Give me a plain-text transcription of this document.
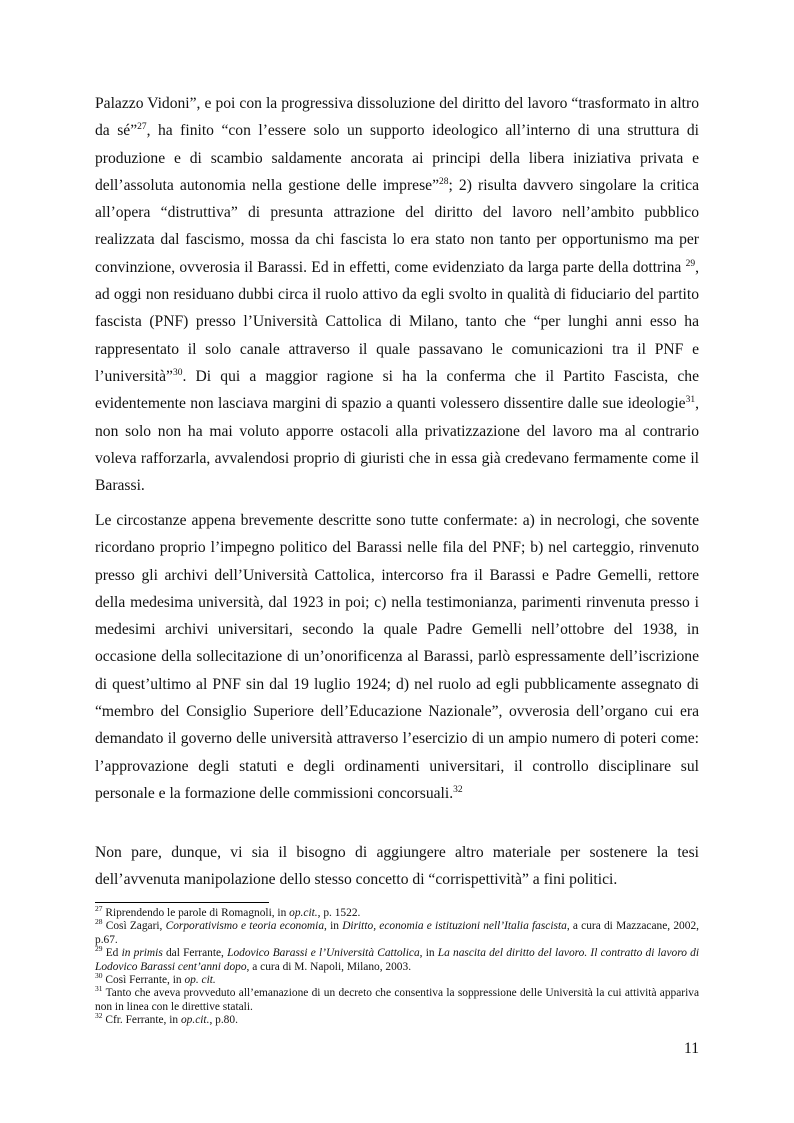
Palazzo Vidoni”, e poi con la progressiva dissoluzione del diritto del lavoro “trasformato in altro da sé”$^{27}$, ha finito “con l’essere solo un supporto ideologico all’interno di una struttura di produzione e di scambio saldamente ancorata ai principi della libera iniziativa privata e dell’assoluta autonomia nella gestione delle imprese”$^{28}$; 2) risulta davvero singolare la critica all’opera “distruttiva” di presunta attrazione del diritto del lavoro nell’ambito pubblico realizzata dal fascismo, mossa da chi fascista lo era stato non tanto per opportunismo ma per convinzione, ovverosia il Barassi. Ed in effetti, come evidenziato da larga parte della dottrina $^{29}$, ad oggi non residuano dubbi circa il ruolo attivo da egli svolto in qualità di fiduciario del partito fascista (PNF) presso l’Università Cattolica di Milano, tanto che “per lunghi anni esso ha rappresentato il solo canale attraverso il quale passavano le comunicazioni tra il PNF e l’università”$^{30}$. Di qui a maggior ragione si ha la conferma che il Partito Fascista, che evidentemente non lasciava margini di spazio a quanti volessero dissentire dalle sue ideologie$^{31}$, non solo non ha mai voluto apporre ostacoli alla privatizzazione del lavoro ma al contrario voleva rafforzarla, avvalendosi proprio di giuristi che in essa già credevano fermamente come il Barassi.

Le circostanze appena brevemente descritte sono tutte confermate: a) in necrologi, che sovente ricordano proprio l’impegno politico del Barassi nelle fila del PNF; b) nel carteggio, rinvenuto presso gli archivi dell’Università Cattolica, intercorso fra il Barassi e Padre Gemelli, rettore della medesima università, dal 1923 in poi; c) nella testimonianza, parimenti rinvenuta presso i medesimi archivi universitari, secondo la quale Padre Gemelli nell’ottobre del 1938, in occasione della sollecitazione di un’onorificenza al Barassi, parlò espressamente dell’iscrizione di quest’ultimo al PNF sin dal 19 luglio 1924; d) nel ruolo ad egli pubblicamente assegnato di “membro del Consiglio Superiore dell’Educazione Nazionale”, ovverosia dell’organo cui era demandato il governo delle università attraverso l’esercizio di un ampio numero di poteri come: l’approvazione degli statuti e degli ordinamenti universitari, il controllo disciplinare sul personale e la formazione delle commissioni concorsuali.$^{32}$

Non pare, dunque, vi sia il bisogno di aggiungere altro materiale per sostenere la tesi dell’avvenuta manipolazione dello stesso concetto di “corrispettività” a fini politici.

$^{27}$ Riprendendo le parole di Romagnoli, in op.cit., p. 1522.

$^{28}$ Così Zagari, Corporativismo e teoria economia, in Diritto, economia e istituzioni nell’Italia fascista, a cura di Mazzacane, 2002, p.67.

$^{29}$ Ed in primis dal Ferrante, Lodovico Barassi e l’Università Cattolica, in La nascita del diritto del lavoro. Il contratto di lavoro di Lodovico Barassi cent’anni dopo, a cura di M. Napoli, Milano, 2003.

$^{30}$ Così Ferrante, in op. cit.

$^{31}$ Tanto che aveva provveduto all’emanazione di un decreto che consentiva la soppressione delle Università la cui attività appariva non in linea con le direttive statali.

$^{32}$ Cfr. Ferrante, in op.cit., p.80.

11
